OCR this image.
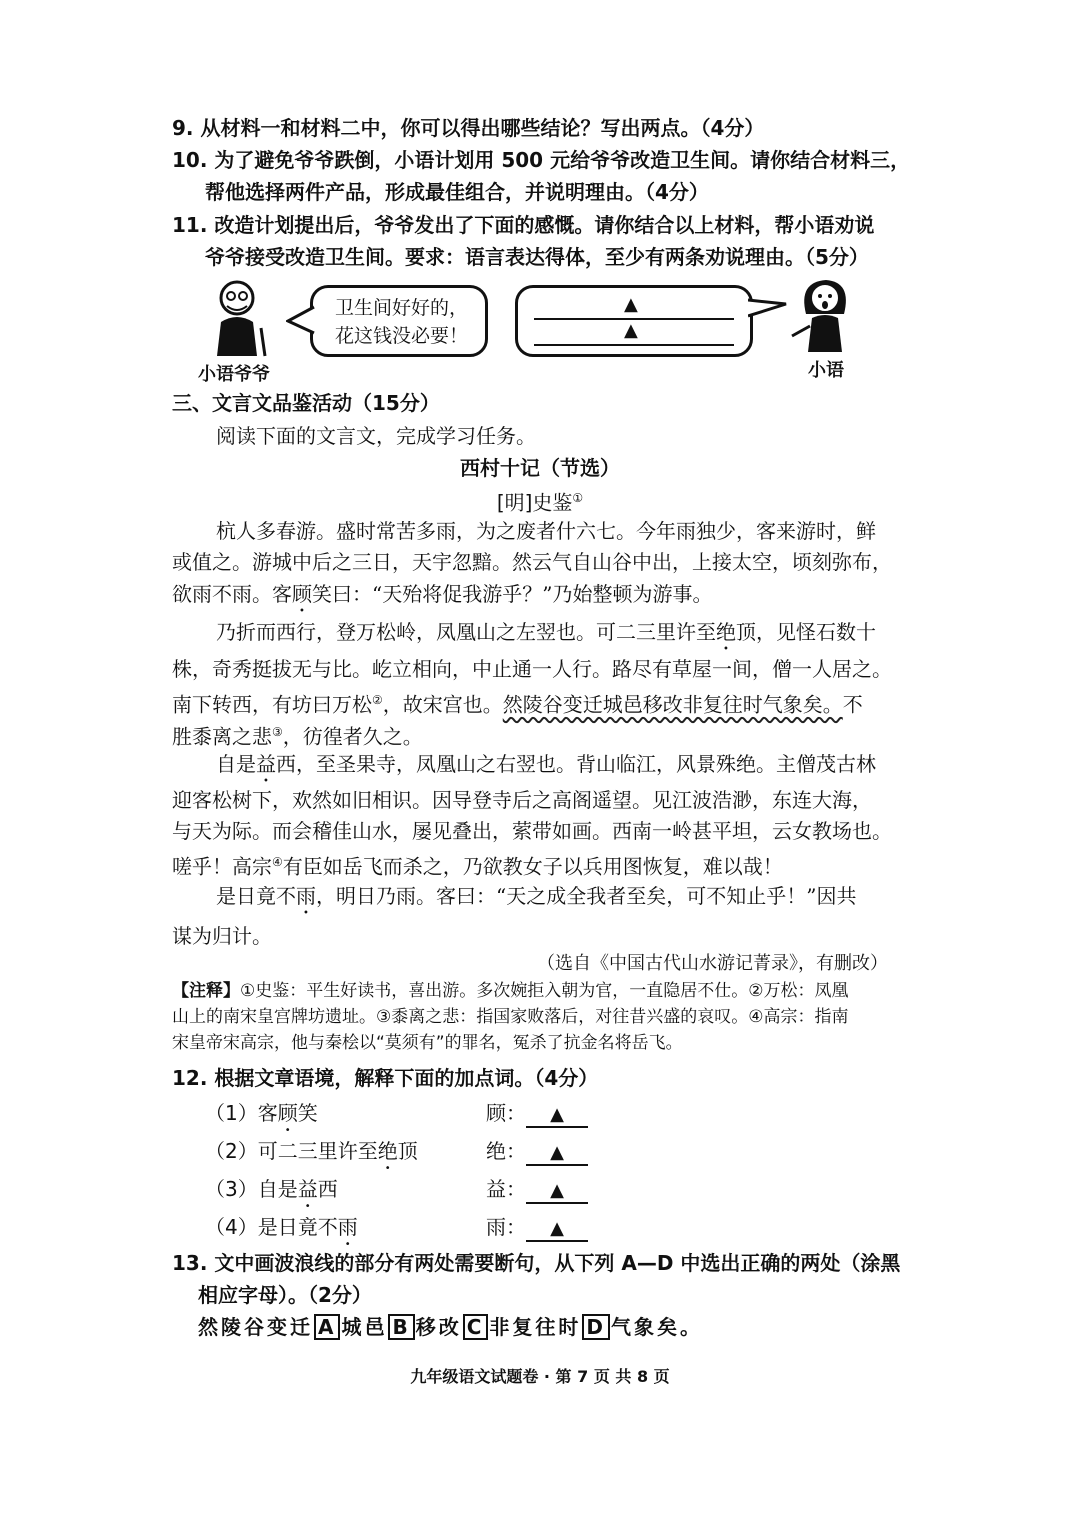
9. 从材料一和材料二中，你可以得出哪些结论？写出两点。（4分）
10. 为了避免爷爷跌倒，小语计划用 500 元给爷爷改造卫生间。请你结合材料三，
帮他选择两件产品，形成最佳组合，并说明理由。（4分）
11. 改造计划提出后，爷爷发出了下面的感慨。请你结合以上材料，帮小语劝说
爷爷接受改造卫生间。要求：语言表达得体，至少有两条劝说理由。（5分）
小语爷爷
卫生间好好的，
花这钱没必要！
▲
▲
小语
三、文言文品鉴活动（15分）
阅读下面的文言文，完成学习任务。
西村十记（节选）
[明]史鉴①
杭人多春游。盛时常苦多雨，为之废者什六七。今年雨独少，客来游时，鲜
或值之。游城中后之三日，天宇忽黯。然云气自山谷中出，上接太空，顷刻弥布，
欲雨不雨。客顾笑曰：“天殆将促我游乎？”乃始整顿为游事。
乃折而西行，登万松岭，凤凰山之左翌也。可二三里许至绝顶，见怪石数十
株，奇秀挺拔无与比。屹立相向，中止通一人行。路尽有草屋一间，僧一人居之。
南下转西，有坊曰万松②，故宋宫也。然陵谷变迁城邑移改非复往时气象矣。不
胜黍离之悲③，彷徨者久之。
自是益西，至圣果寺，凤凰山之右翌也。背山临江，风景殊绝。主僧茂古林
迎客松树下，欢然如旧相识。因导登寺后之高阁遥望。见江波浩渺，东连大海，
与天为际。而会稽佳山水，屡见叠出，萦带如画。西南一岭甚平坦，云女教场也。
嗟乎！高宗④有臣如岳飞而杀之，乃欲教女子以兵用图恢复，难以哉！
是日竟不雨，明日乃雨。客曰：“天之成全我者至矣，可不知止乎！”因共
谋为归计。
（选自《中国古代山水游记菁录》，有删改）
【注释】①史鉴：平生好读书，喜出游。多次婉拒入朝为官，一直隐居不仕。②万松：凤凰
山上的南宋皇宫牌坊遗址。③黍离之悲：指国家败落后，对往昔兴盛的哀叹。④高宗：指南
宋皇帝宋高宗，他与秦桧以“莫须有”的罪名，冤杀了抗金名将岳飞。
12. 根据文章语境，解释下面的加点词。（4分）
（1）客顾笑	顾： ▲
（2）可二三里许至绝顶	绝： ▲
（3）自是益西	益： ▲
（4）是日竟不雨	雨： ▲
13. 文中画波浪线的部分有两处需要断句，从下列 A—D 中选出正确的两处（涂黑
相应字母）。（2分）
然陵谷变迁 A 城邑 B 移改 C 非复往时 D 气象矣。
九年级语文试题卷 · 第 7 页 共 8 页
